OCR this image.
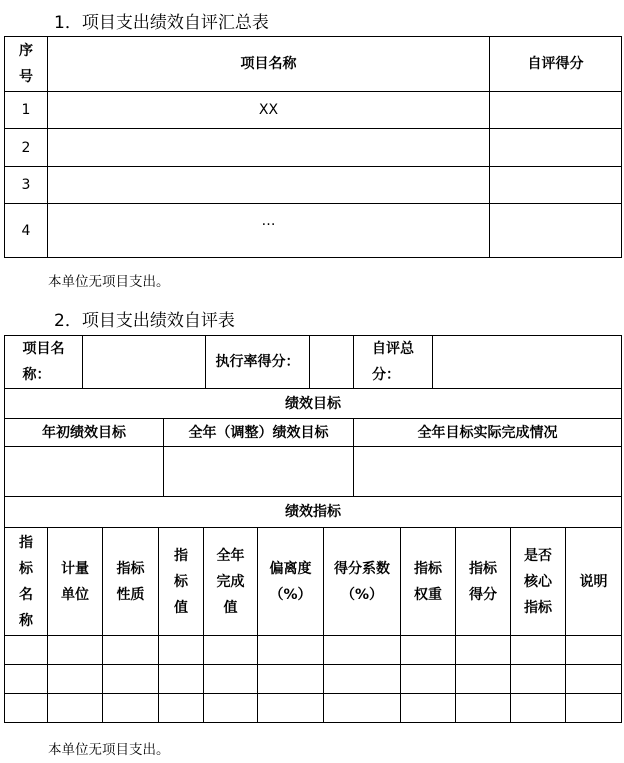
1．项目支出绩效自评汇总表
序号	项目名称	自评得分
1	XX	
2		
3		
4	…	
本单位无项目支出。
2．项目支出绩效自评表
项目名称：			执行率得分：		自评总分：	

绩效目标						
年初绩效目标		全年（调整）绩效目标			全年目标实际完成情况	

绩效指标						
指标名称	计量单位	指标性质	指标值	全年完成值	偏离度（%）	得分系数（%）	指标权重	指标得分	是否核心指标	说明

本单位无项目支出。
